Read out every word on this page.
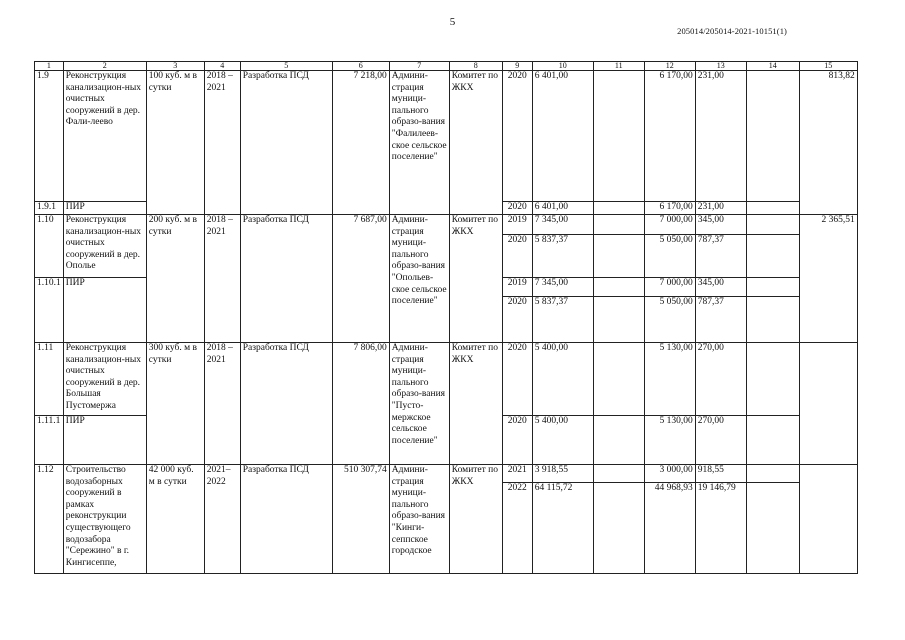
5
205014/205014-2021-10151(1)
1	2	3	4	5	6	7	8	9	10	11	12	13	14	15
1.9	Реконструкция канализацион-ных очистных сооружений в дер. Фали-леево	100 куб. м в сутки	2018 – 2021	Разработка ПСД	7 218,00	Админи-страция муници-пального образо-вания "Фалилеев-ское сельское поселение"	Комитет по ЖКХ	2020	6 401,00		6 170,00	231,00		813,82
1.9.1	ПИР							2020	6 401,00		6 170,00	231,00		
1.10	Реконструкция канализацион-ных очистных сооружений в дер. Ополье	200 куб. м в сутки	2018 – 2021	Разработка ПСД	7 687,00	Админи-страция муници-пального образо-вания "Опольев-ское сельское поселение"	Комитет по ЖКХ	2019	7 345,00		7 000,00	345,00		2 365,51
								2020	5 837,37		5 050,00	787,37		
1.10.1	ПИР							2019	7 345,00		7 000,00	345,00		
								2020	5 837,37		5 050,00	787,37		
1.11	Реконструкция канализацион-ных очистных сооружений в дер. Большая Пустомержа	300 куб. м в сутки	2018 – 2021	Разработка ПСД	7 806,00	Админи-страция муници-пального образо-вания "Пусто-мержское сельское поселение"	Комитет по ЖКХ	2020	5 400,00		5 130,00	270,00		
1.11.1	ПИР							2020	5 400,00		5 130,00	270,00		
1.12	Строительство водозаборных сооружений в рамках реконструкции существующего водозабора "Сережино" в г. Кингисеппе,	42 000 куб. м в сутки	2021– 2022	Разработка ПСД	510 307,74	Админи-страция муници-пального образо-вания "Кинги-сеппское городское	Комитет по ЖКХ	2021	3 918,55		3 000,00	918,55		
								2022	64 115,72		44 968,93	19 146,79		
